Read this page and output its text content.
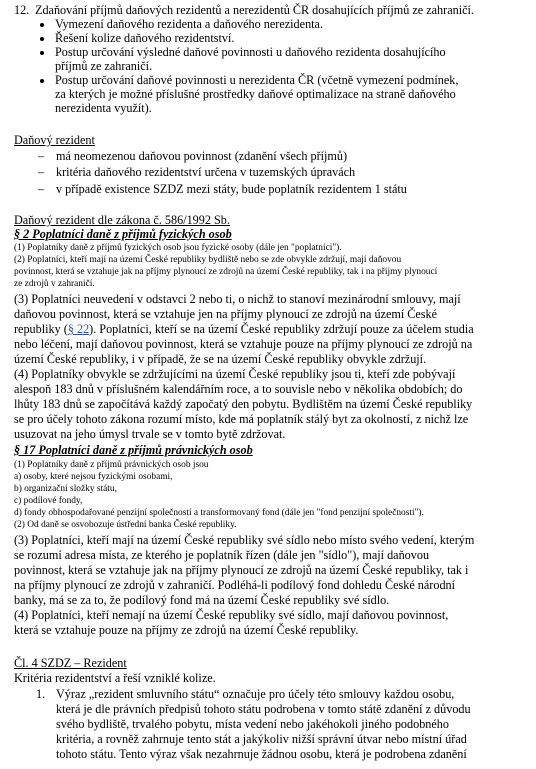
12. Zdaňování příjmů daňových rezidentů a nerezidentů ČR dosahujících příjmů ze zahraničí.
Vymezení daňového rezidenta a daňového nerezidenta.
Řešení kolize daňového rezidentství.
Postup určování výsledné daňové povinnosti u daňového rezidenta dosahujícího
příjmů ze zahraničí.
Postup určování daňové povinnosti u nerezidenta ČR (včetně vymezení podmínek,
za kterých je možné příslušné prostředky daňové optimalizace na straně daňového
nerezidenta využít).
Daňový rezident
– má neomezenou daňovou povinnost (zdanění všech příjmů)
– kritéria daňového rezidentství určena v tuzemských úpravách
– v případě existence SZDZ mezi státy, bude poplatník rezidentem 1 státu
Daňový rezident dle zákona č. 586/1992 Sb.
§ 2 Poplatníci daně z příjmů fyzických osob
(1) Poplatníky daně z příjmů fyzických osob jsou fyzické osoby (dále jen "poplatníci").
(2) Poplatníci, kteří mají na území České republiky bydliště nebo se zde obvykle zdržují, mají daňovou
povinnost, která se vztahuje jak na příjmy plynoucí ze zdrojů na území České republiky, tak i na příjmy plynoucí
ze zdrojů v zahraničí.
(3) Poplatníci neuvedení v odstavci 2 nebo ti, o nichž to stanoví mezinárodní smlouvy, mají
daňovou povinnost, která se vztahuje jen na příjmy plynoucí ze zdrojů na území České
republiky (§ 22). Poplatníci, kteří se na území České republiky zdržují pouze za účelem studia
nebo léčení, mají daňovou povinnost, která se vztahuje pouze na příjmy plynoucí ze zdrojů na
území České republiky, i v případě, že se na území České republiky obvykle zdržují.
(4) Poplatníky obvykle se zdržujícími na území České republiky jsou ti, kteří zde pobývají
alespoň 183 dnů v příslušném kalendářním roce, a to souvisle nebo v několika obdobích; do
lhůty 183 dnů se započítává každý započatý den pobytu. Bydlištěm na území České republiky
se pro účely tohoto zákona rozumí místo, kde má poplatník stálý byt za okolností, z nichž lze
usuzovat na jeho úmysl trvale se v tomto bytě zdržovat.
§ 17 Poplatníci daně z příjmů právnických osob
(1) Poplatníky daně z příjmů právnických osob jsou
a) osoby, které nejsou fyzickými osobami,
b) organizační složky státu,
c) podílové fondy,
d) fondy obhospodařované penzijní společností a transformovaný fond (dále jen "fond penzijní společnosti").
(2) Od daně se osvobozuje ústřední banka České republiky.
(3) Poplatníci, kteří mají na území České republiky své sídlo nebo místo svého vedení, kterým
se rozumí adresa místa, ze kterého je poplatník řízen (dále jen "sídlo"), mají daňovou
povinnost, která se vztahuje jak na příjmy plynoucí ze zdrojů na území České republiky, tak i
na příjmy plynoucí ze zdrojů v zahraničí. Podléhá-li podílový fond dohledu České národní
banky, má se za to, že podílový fond má na území České republiky své sídlo.
(4) Poplatníci, kteří nemají na území České republiky své sídlo, mají daňovou povinnost,
která se vztahuje pouze na příjmy ze zdrojů na území České republiky.
Čl. 4 SZDZ – Rezident
Kritéria rezidentství a řeší vzniklé kolize.
1. Výraz „rezident smluvního státu“ označuje pro účely této smlouvy každou osobu,
která je dle právních předpisů tohoto státu podrobena v tomto státě zdanění z důvodu
svého bydliště, trvalého pobytu, místa vedení nebo jakéhokoli jiného podobného
kritéria, a rovněž zahrnuje tento stát a jakýkoliv nižší správní útvar nebo místní úřad
tohoto státu. Tento výraz však nezahrnuje žádnou osobu, která je podrobena zdanění
